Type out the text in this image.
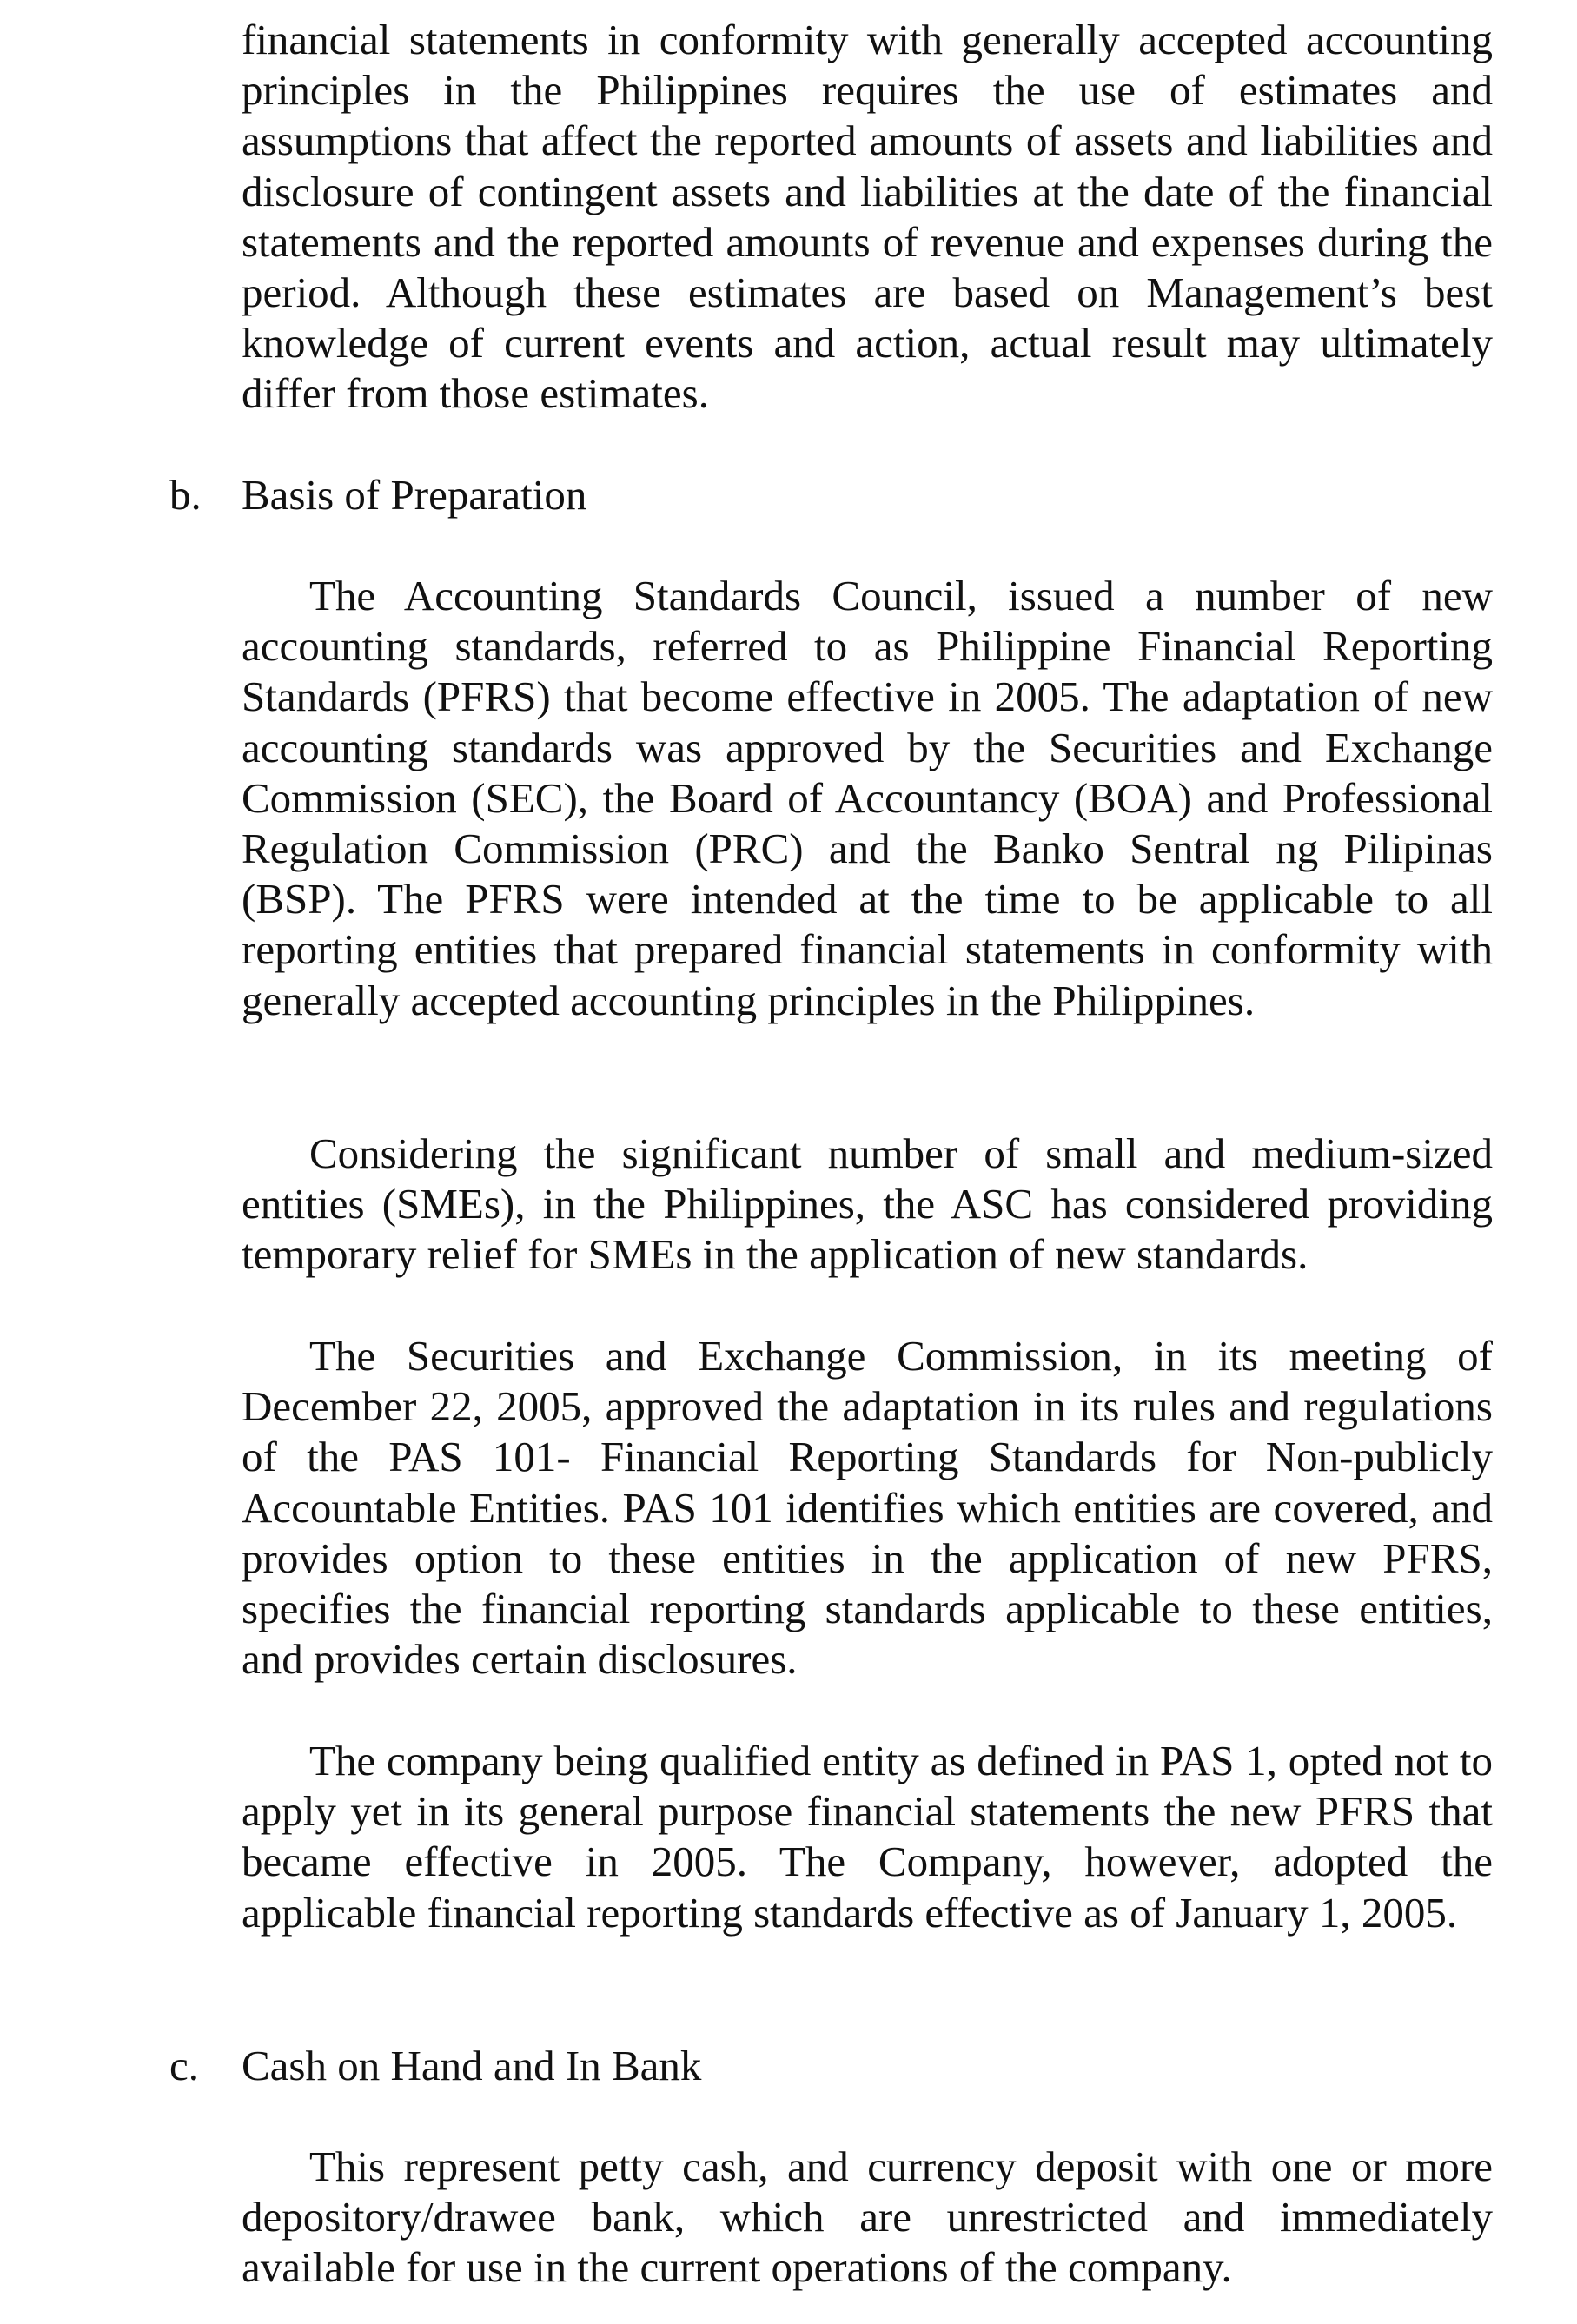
financial statements in conformity with generally accepted accounting principles in the Philippines requires the use of estimates and assumptions that affect the reported amounts of assets and liabilities and disclosure of contingent assets and liabilities at the date of the financial statements and the reported amounts of revenue and expenses during the period. Although these estimates are based on Management’s best knowledge of current events and action, actual result may ultimately differ from those estimates.

b. Basis of Preparation

The Accounting Standards Council, issued a number of new accounting standards, referred to as Philippine Financial Reporting Standards (PFRS) that become effective in 2005. The adaptation of new accounting standards was approved by the Securities and Exchange Commission (SEC), the Board of Accountancy (BOA) and Professional Regulation Commission (PRC) and the Banko Sentral ng Pilipinas (BSP). The PFRS were intended at the time to be applicable to all reporting entities that prepared financial statements in conformity with generally accepted accounting principles in the Philippines.

Considering the significant number of small and medium-sized entities (SMEs), in the Philippines, the ASC has considered providing temporary relief for SMEs in the application of new standards.

The Securities and Exchange Commission, in its meeting of December 22, 2005, approved the adaptation in its rules and regulations of the PAS 101- Financial Reporting Standards for Non-publicly Accountable Entities. PAS 101 identifies which entities are covered, and provides option to these entities in the application of new PFRS, specifies the financial reporting standards applicable to these entities, and provides certain disclosures.

The company being qualified entity as defined in PAS 1, opted not to apply yet in its general purpose financial statements the new PFRS that became effective in 2005. The Company, however, adopted the applicable financial reporting standards effective as of January 1, 2005.

c. Cash on Hand and In Bank

This represent petty cash, and currency deposit with one or more depository/drawee bank, which are unrestricted and immediately available for use in the current operations of the company.
